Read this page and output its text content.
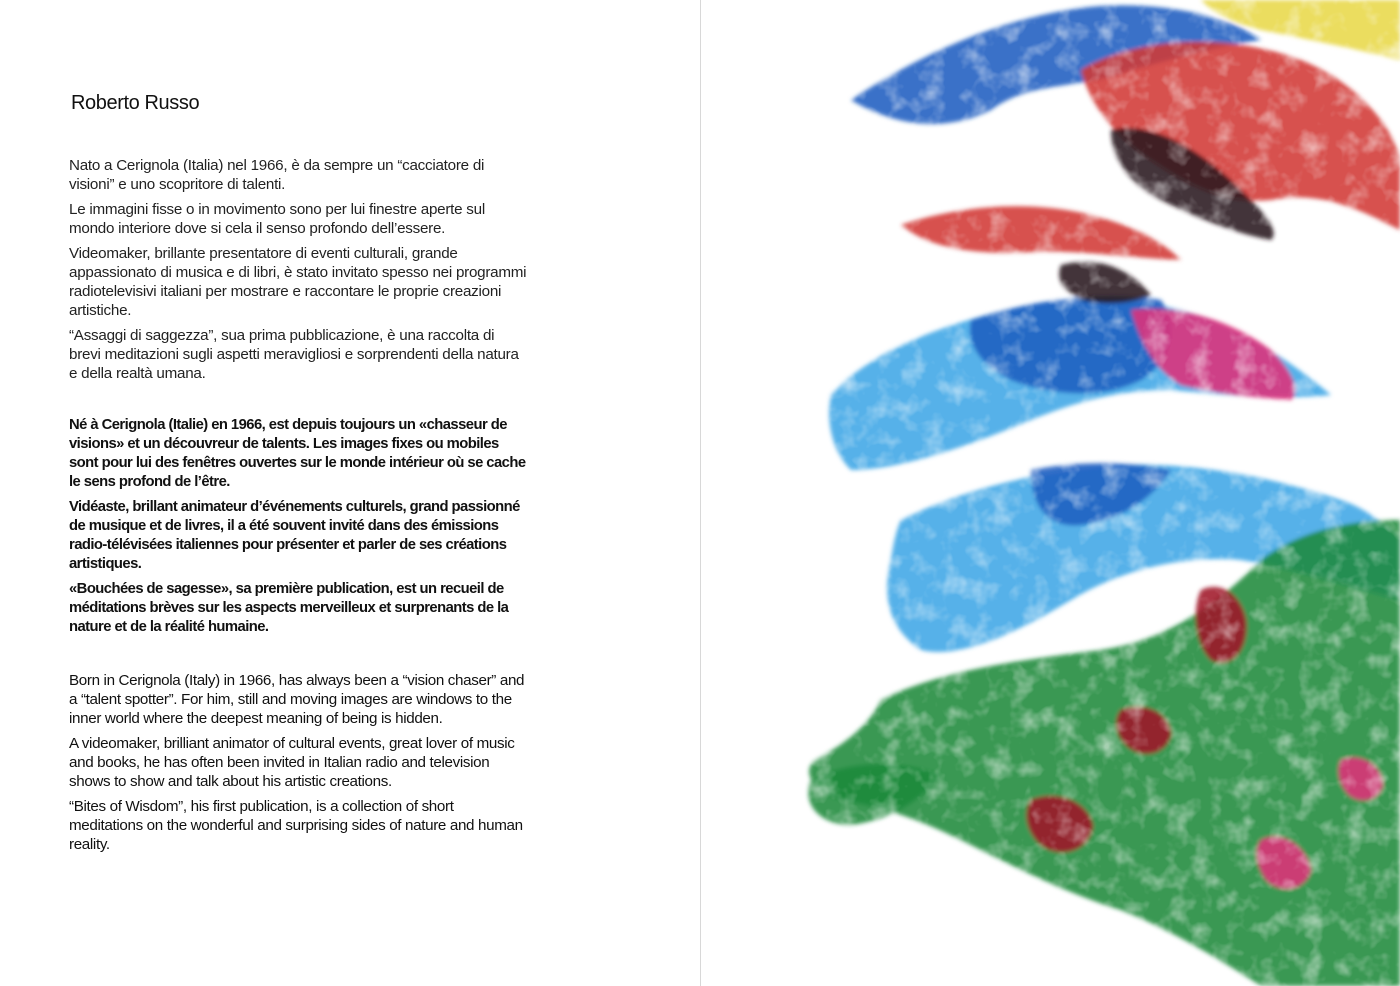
Roberto Russo

Nato a Cerignola (Italia) nel 1966, è da sempre un “cacciatore di visioni” e uno scopritore di talenti.

Le immagini fisse o in movimento sono per lui finestre aperte sul mondo interiore dove si cela il senso profondo dell’essere.

Videomaker, brillante presentatore di eventi culturali, grande appassionato di musica e di libri, è stato invitato spesso nei programmi radiotelevisivi italiani per mostrare e raccontare le proprie creazioni artistiche.

“Assaggi di saggezza”, sua prima pubblicazione, è una raccolta di brevi meditazioni sugli aspetti meravigliosi e sorprendenti della natura e della realtà umana.

Né à Cerignola (Italie) en 1966, est depuis toujours un «chasseur de visions» et un découvreur de talents. Les images fixes ou mobiles sont pour lui des fenêtres ouvertes sur le monde intérieur où se cache le sens profond de l’être.

Vidéaste, brillant animateur d’événements culturels, grand passionné de musique et de livres, il a été souvent invité dans des émissions radio-télévisées italiennes pour présenter et parler de ses créations artistiques.

«Bouchées de sagesse», sa première publication, est un recueil de méditations brèves sur les aspects merveilleux et surprenants de la nature et de la réalité humaine.

Born in Cerignola (Italy) in 1966, has always been a “vision chaser” and a “talent spotter”. For him, still and moving images are windows to the inner world where the deepest meaning of being is hidden.

A videomaker, brilliant animator of cultural events, great lover of music and books, he has often been invited in Italian radio and television shows to show and talk about his artistic creations.

“Bites of Wisdom”, his first publication, is a collection of short meditations on the wonderful and surprising sides of nature and human reality.
